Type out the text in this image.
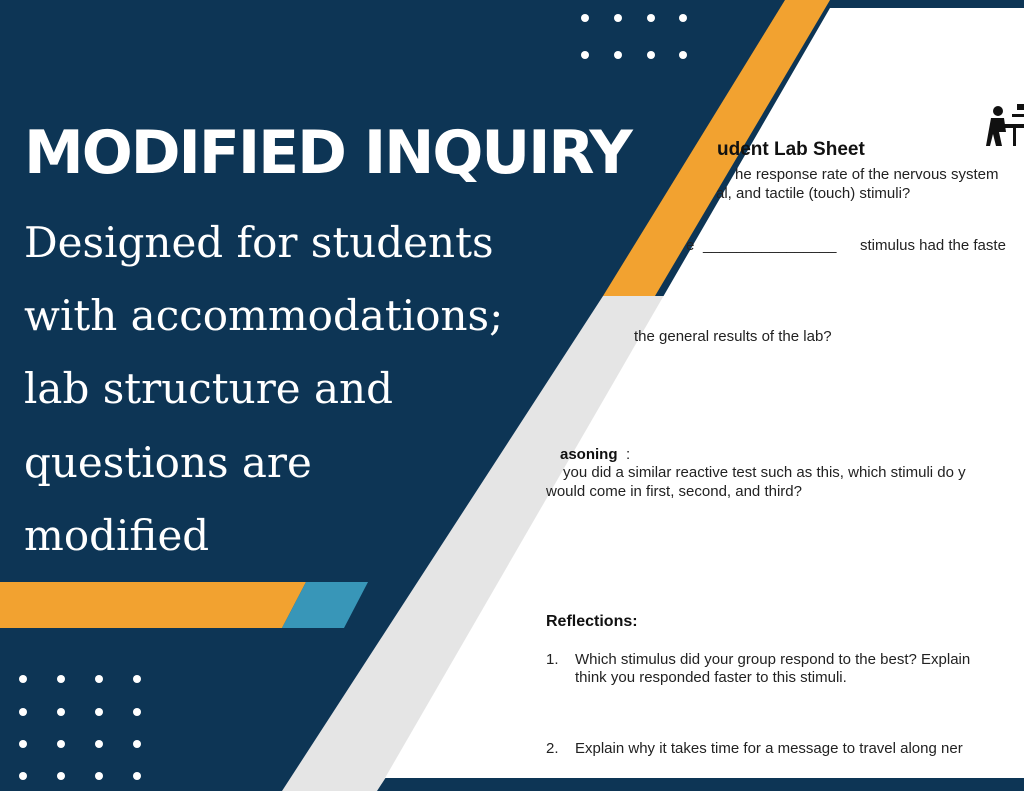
MODIFIED INQUIRY
Designed for students
with accommodations;
lab structure and
questions are
modified
udent Lab Sheet
he response rate of the nervous system
al, and tactile (touch) stimuli?
e ________________ stimulus had the faste
the general results of the lab?
asoning :
you did a similar reactive test such as this, which stimuli do y
would come in first, second, and third?
Reflections:
1. Which stimulus did your group respond to the best? Explain
think you responded faster to this stimuli.
2. Explain why it takes time for a message to travel along ner
